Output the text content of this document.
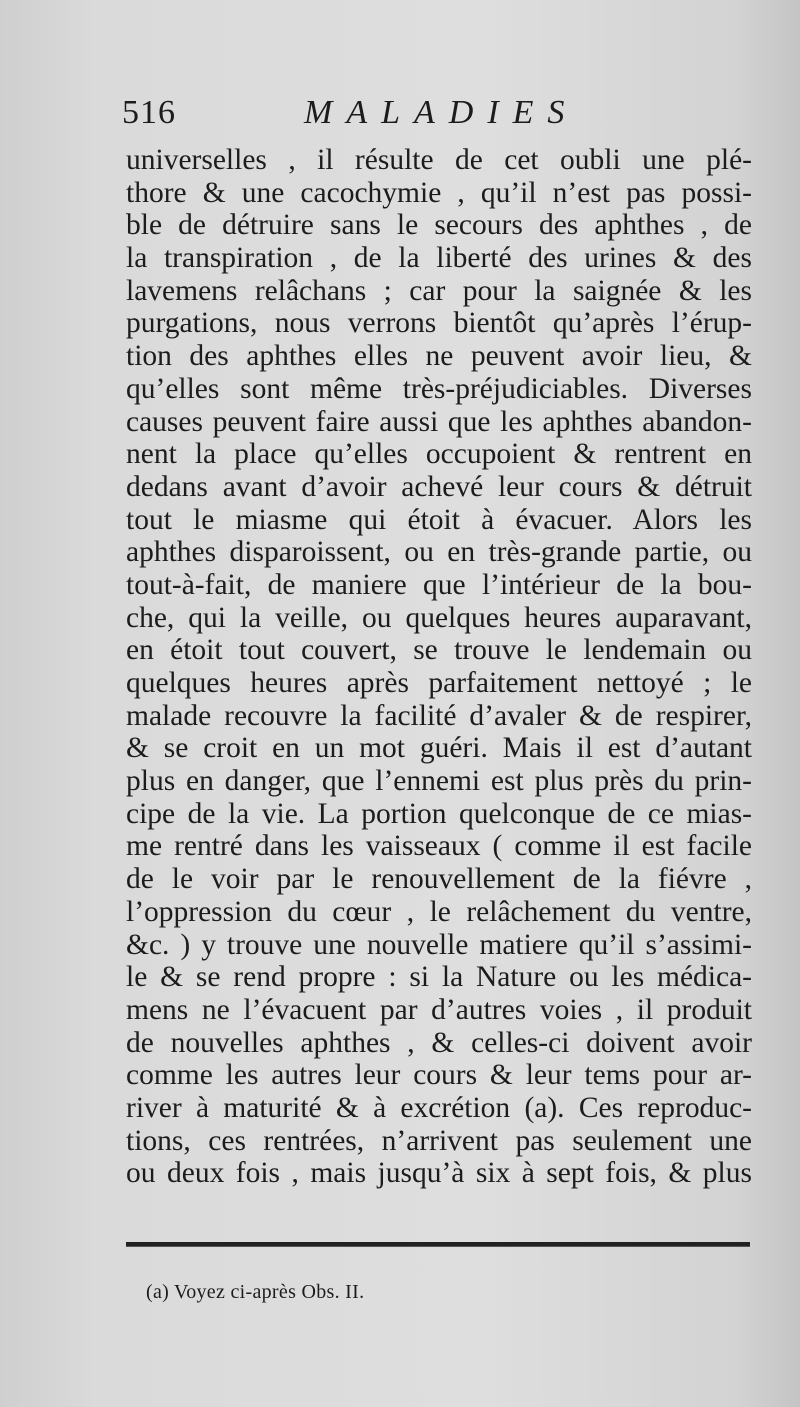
516	MALADIES
universelles , il résulte de cet oubli une plé-
thore & une cacochymie , qu’il n’est pas possi-
ble de détruire sans le secours des aphthes , de
la transpiration , de la liberté des urines & des
lavemens relâchans ; car pour la saignée & les
purgations, nous verrons bientôt qu’après l’érup-
tion des aphthes elles ne peuvent avoir lieu, &
qu’elles sont même très-préjudiciables. Diverses
causes peuvent faire aussi que les aphthes abandon-
nent la place qu’elles occupoient & rentrent en
dedans avant d’avoir achevé leur cours & détruit
tout le miasme qui étoit à évacuer. Alors les
aphthes disparoissent, ou en très-grande partie, ou
tout-à-fait, de maniere que l’intérieur de la bou-
che, qui la veille, ou quelques heures auparavant,
en étoit tout couvert, se trouve le lendemain ou
quelques heures après parfaitement nettoyé ; le
malade recouvre la facilité d’avaler & de respirer,
& se croit en un mot guéri. Mais il est d’autant
plus en danger, que l’ennemi est plus près du prin-
cipe de la vie. La portion quelconque de ce mias-
me rentré dans les vaisseaux ( comme il est facile
de le voir par le renouvellement de la fiévre ,
l’oppression du cœur , le relâchement du ventre,
&c. ) y trouve une nouvelle matiere qu’il s’assimi-
le & se rend propre : si la Nature ou les médica-
mens ne l’évacuent par d’autres voies , il produit
de nouvelles aphthes , & celles-ci doivent avoir
comme les autres leur cours & leur tems pour ar-
river à maturité & à excrétion (a). Ces reproduc-
tions, ces rentrées, n’arrivent pas seulement une
ou deux fois , mais jusqu’à six à sept fois, & plus
(a) Voyez ci-après Obs. II.
